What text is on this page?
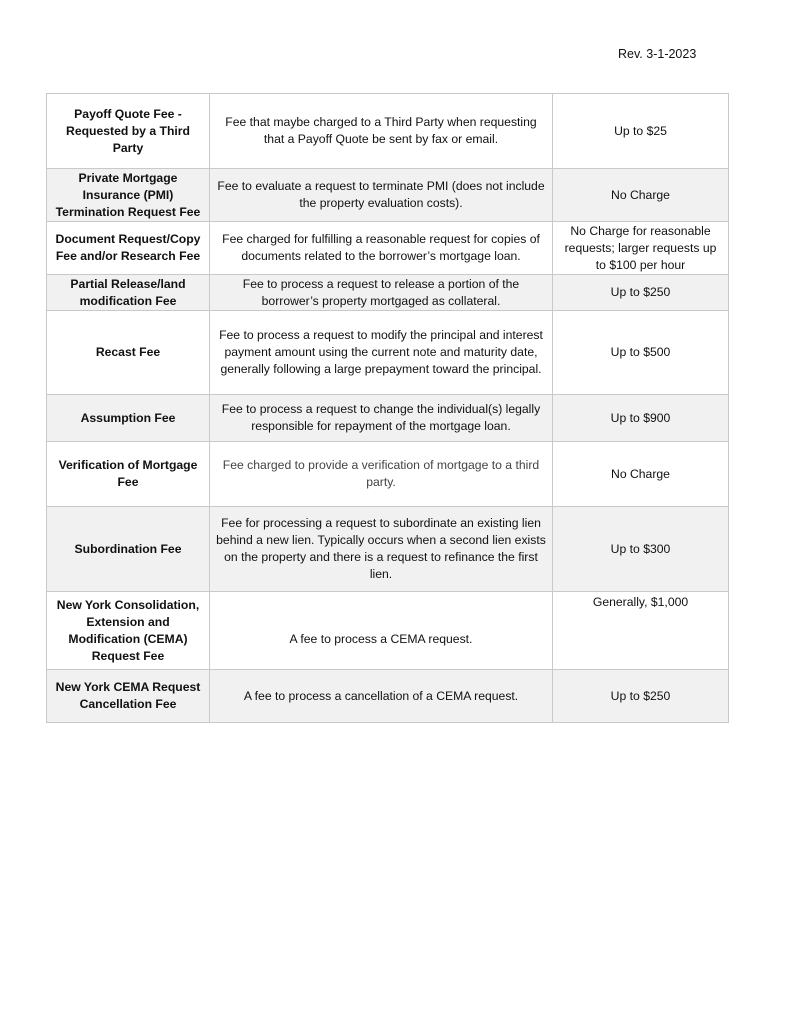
Rev. 3-1-2023
Payoff Quote Fee - Requested by a Third Party	Fee that maybe charged to a Third Party when requesting that a Payoff Quote be sent by fax or email.	Up to $25
Private Mortgage Insurance (PMI) Termination Request Fee	Fee to evaluate a request to terminate PMI (does not include the property evaluation costs).	No Charge
Document Request/Copy Fee and/or Research Fee	Fee charged for fulfilling a reasonable request for copies of documents related to the borrower’s mortgage loan.	No Charge for reasonable requests; larger requests up to $100 per hour
Partial Release/land modification Fee	Fee to process a request to release a portion of the borrower’s property mortgaged as collateral.	Up to $250
Recast Fee	Fee to process a request to modify the principal and interest payment amount using the current note and maturity date, generally following a large prepayment toward the principal.	Up to $500
Assumption Fee	Fee to process a request to change the individual(s) legally responsible for repayment of the mortgage loan.	Up to $900
Verification of Mortgage Fee	Fee charged to provide a verification of mortgage to a third party.	No Charge
Subordination Fee	Fee for processing a request to subordinate an existing lien behind a new lien. Typically occurs when a second lien exists on the property and there is a request to refinance the first lien.	Up to $300
New York Consolidation, Extension and Modification (CEMA) Request Fee	A fee to process a CEMA request.	Generally, $1,000
New York CEMA Request Cancellation Fee	A fee to process a cancellation of a CEMA request.	Up to $250
